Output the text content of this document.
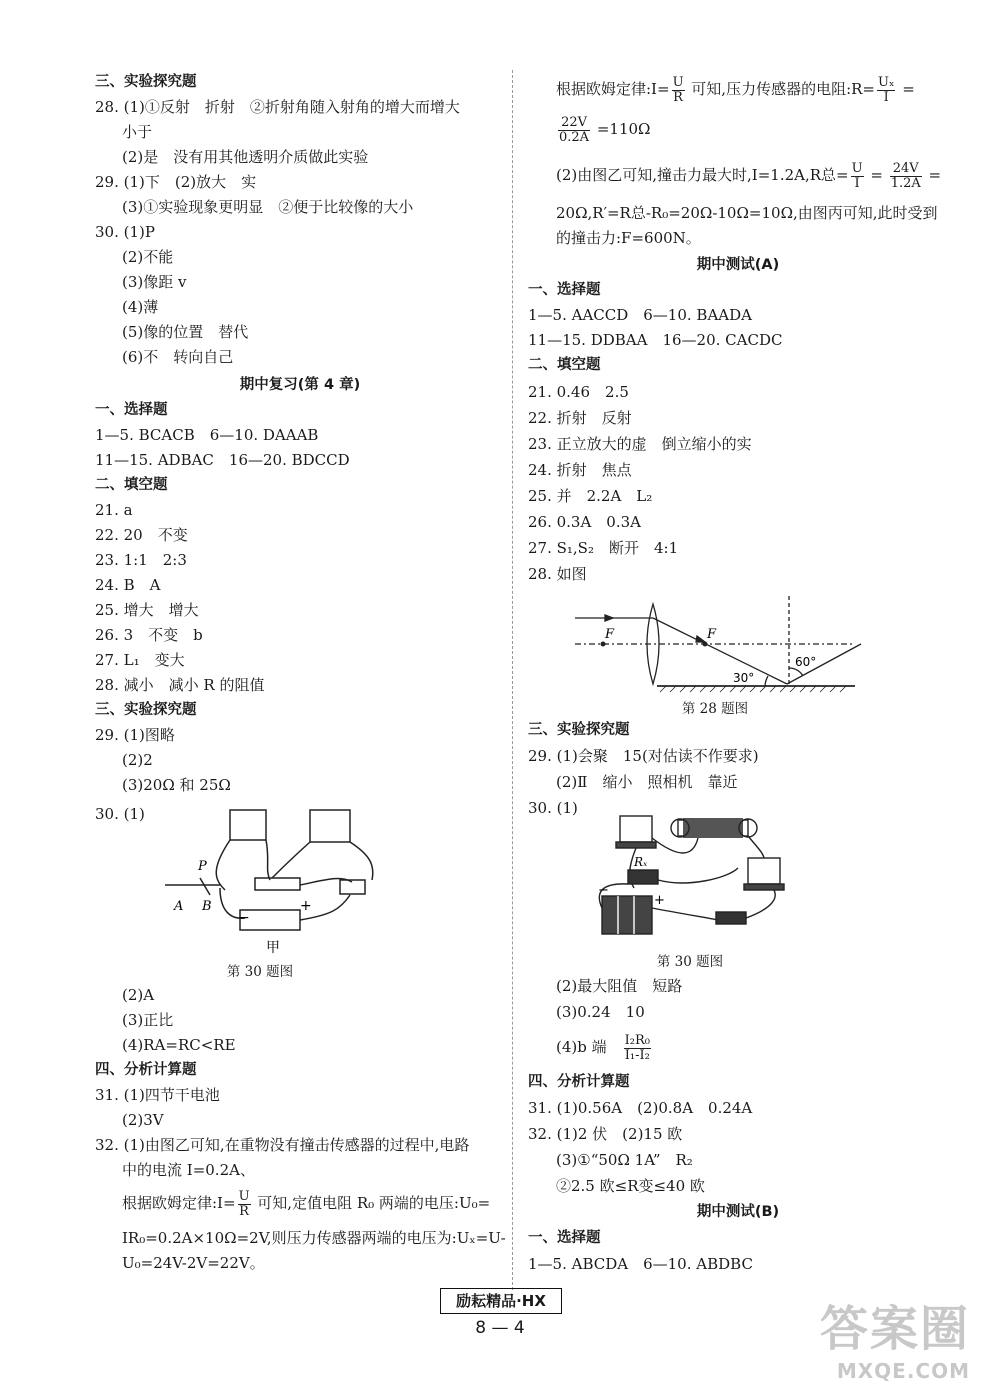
三、实验探究题
28. (1)①反射　折射　②折射角随入射角的增大而增大
小于
(2)是　没有用其他透明介质做此实验
29. (1)下　(2)放大　实
(3)①实验现象更明显　②便于比较像的大小
30. (1)P
(2)不能
(3)像距 v
(4)薄
(5)像的位置　替代
(6)不　转向自己
期中复习(第 4 章)
一、选择题
1—5. BCACB　6—10. DAAAB
11—15. ADBAC　16—20. BDCCD
二、填空题
21. a
22. 20　不变
23. 1:1　2:3
24. B　A
25. 增大　增大
26. 3　不变　b
27. L₁　变大
28. 减小　减小 R 的阻值
三、实验探究题
29. (1)图略
(2)2
(3)20Ω 和 25Ω
30. (1)
P
A B
−
+
甲
第 30 题图
(2)A
(3)正比
(4)RA=RC<RE
四、分析计算题
31. (1)四节干电池
(2)3V
32. (1)由图乙可知,在重物没有撞击传感器的过程中,电路
中的电流 I=0.2A、
根据欧姆定律:I= $\frac{U}{R}$ 可知,定值电阻 R₀ 两端的电压:U₀=
IR₀=0.2A×10Ω=2V,则压力传感器两端的电压为:Uₓ=U-
U₀=24V-2V=22V。
根据欧姆定律:I= $\frac{U}{R}$ 可知,压力传感器的电阻:R= $\frac{\text{Uₓ}}{I}$ =
$\frac{22V}{0.2A} =110\Omega$
(2)由图乙可知,撞击力最大时,I=1.2A,R总= $\frac{U}{I} = \frac{24V}{1.2A}$ =
20Ω,R′=R总-R₀=20Ω-10Ω=10Ω,由图丙可知,此时受到
的撞击力:F=600N。
期中测试(A)
一、选择题
1—5. AACCD　6—10. BAADA
11—15. DDBAA　16—20. CACDC
二、填空题
21. 0.46　2.5
22. 折射　反射
23. 正立放大的虚　倒立缩小的实
24. 折射　焦点
25. 并　2.2A　L₂
26. 0.3A　0.3A
27. S₁,S₂　断开　4:1
28. 如图
F	F
60°
30°
第 28 题图
三、实验探究题
29. (1)会聚　15(对估读不作要求)
(2)Ⅱ　缩小　照相机　靠近
30. (1)
Rₓ
−
+
第 30 题图
(2)最大阻值　短路
(3)0.24　10
(4)b 端　 $\frac{\text{I₂R₀}}{\text{I₁-I₂}}$
四、分析计算题
31. (1)0.56A　(2)0.8A　0.24A
32. (1)2 伏　(2)15 欧
(3)①“50Ω 1A”　R₂
②2.5 欧≤R变≤40 欧
期中测试(B)
一、选择题
1—5. ABCDA　6—10. ABDBC
励耘精品·HX
8 — 4	答案圈
MXQE.COM
